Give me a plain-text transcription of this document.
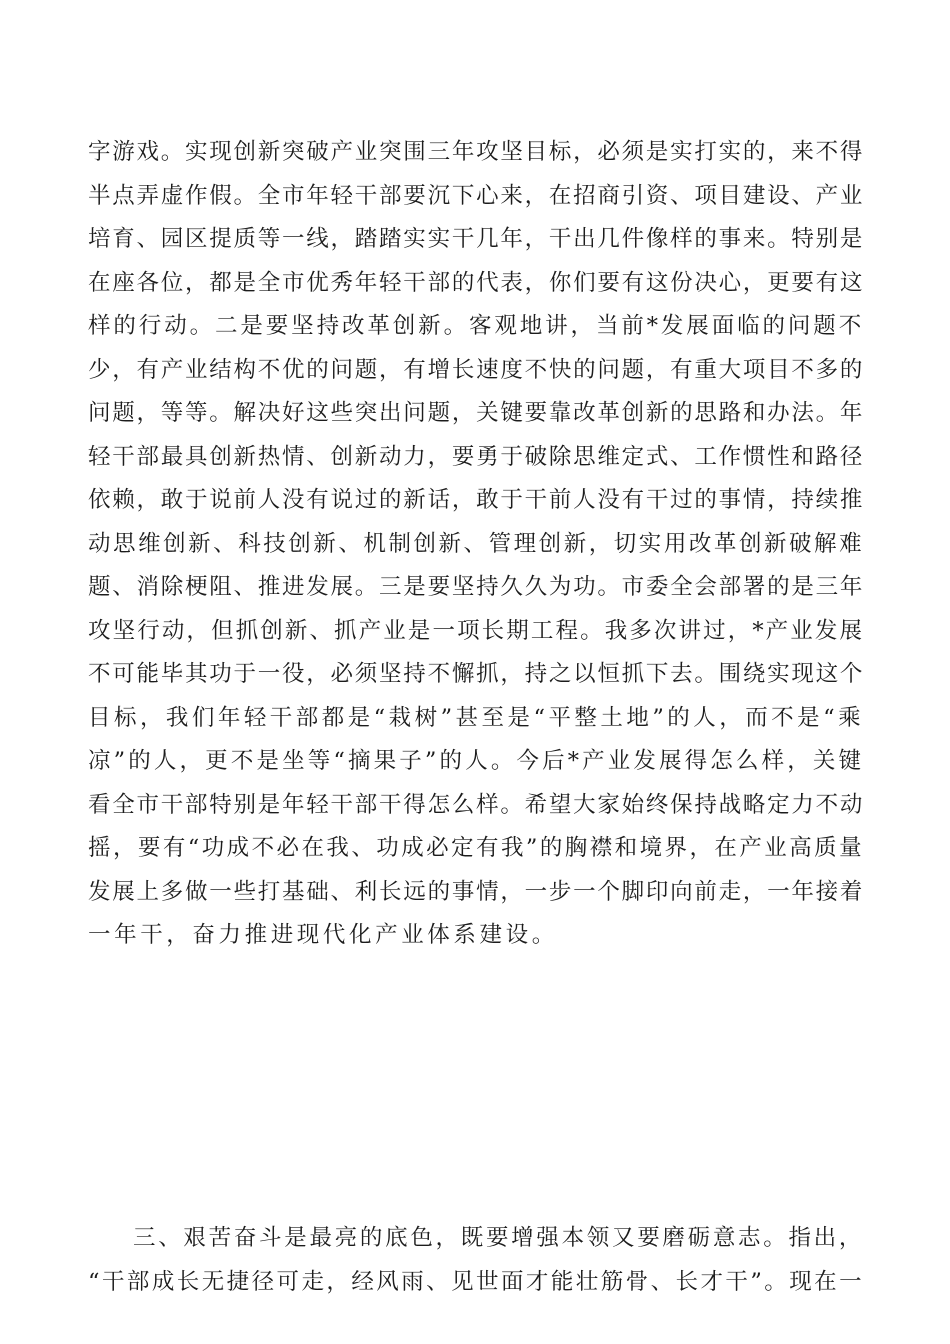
字游戏。实现创新突破产业突围三年攻坚目标，必须是实打实的，来不得
半点弄虚作假。全市年轻干部要沉下心来，在招商引资、项目建设、产业
培育、园区提质等一线，踏踏实实干几年，干出几件像样的事来。特别是
在座各位，都是全市优秀年轻干部的代表，你们要有这份决心，更要有这
样的行动。二是要坚持改革创新。客观地讲，当前*发展面临的问题不
少，有产业结构不优的问题，有增长速度不快的问题，有重大项目不多的
问题，等等。解决好这些突出问题，关键要靠改革创新的思路和办法。年
轻干部最具创新热情、创新动力，要勇于破除思维定式、工作惯性和路径
依赖，敢于说前人没有说过的新话，敢于干前人没有干过的事情，持续推
动思维创新、科技创新、机制创新、管理创新，切实用改革创新破解难
题、消除梗阻、推进发展。三是要坚持久久为功。市委全会部署的是三年
攻坚行动，但抓创新、抓产业是一项长期工程。我多次讲过，*产业发展
不可能毕其功于一役，必须坚持不懈抓，持之以恒抓下去。围绕实现这个
目标，我们年轻干部都是“栽树”甚至是“平整土地”的人，而不是“乘
凉”的人，更不是坐等“摘果子”的人。今后*产业发展得怎么样，关键
看全市干部特别是年轻干部干得怎么样。希望大家始终保持战略定力不动
摇，要有“功成不必在我、功成必定有我”的胸襟和境界，在产业高质量
发展上多做一些打基础、利长远的事情，一步一个脚印向前走，一年接着
一年干，奋力推进现代化产业体系建设。
三、艰苦奋斗是最亮的底色，既要增强本领又要磨砺意志。指出，
“干部成长无捷径可走，经风雨、见世面才能壮筋骨、长才干”。现在一
